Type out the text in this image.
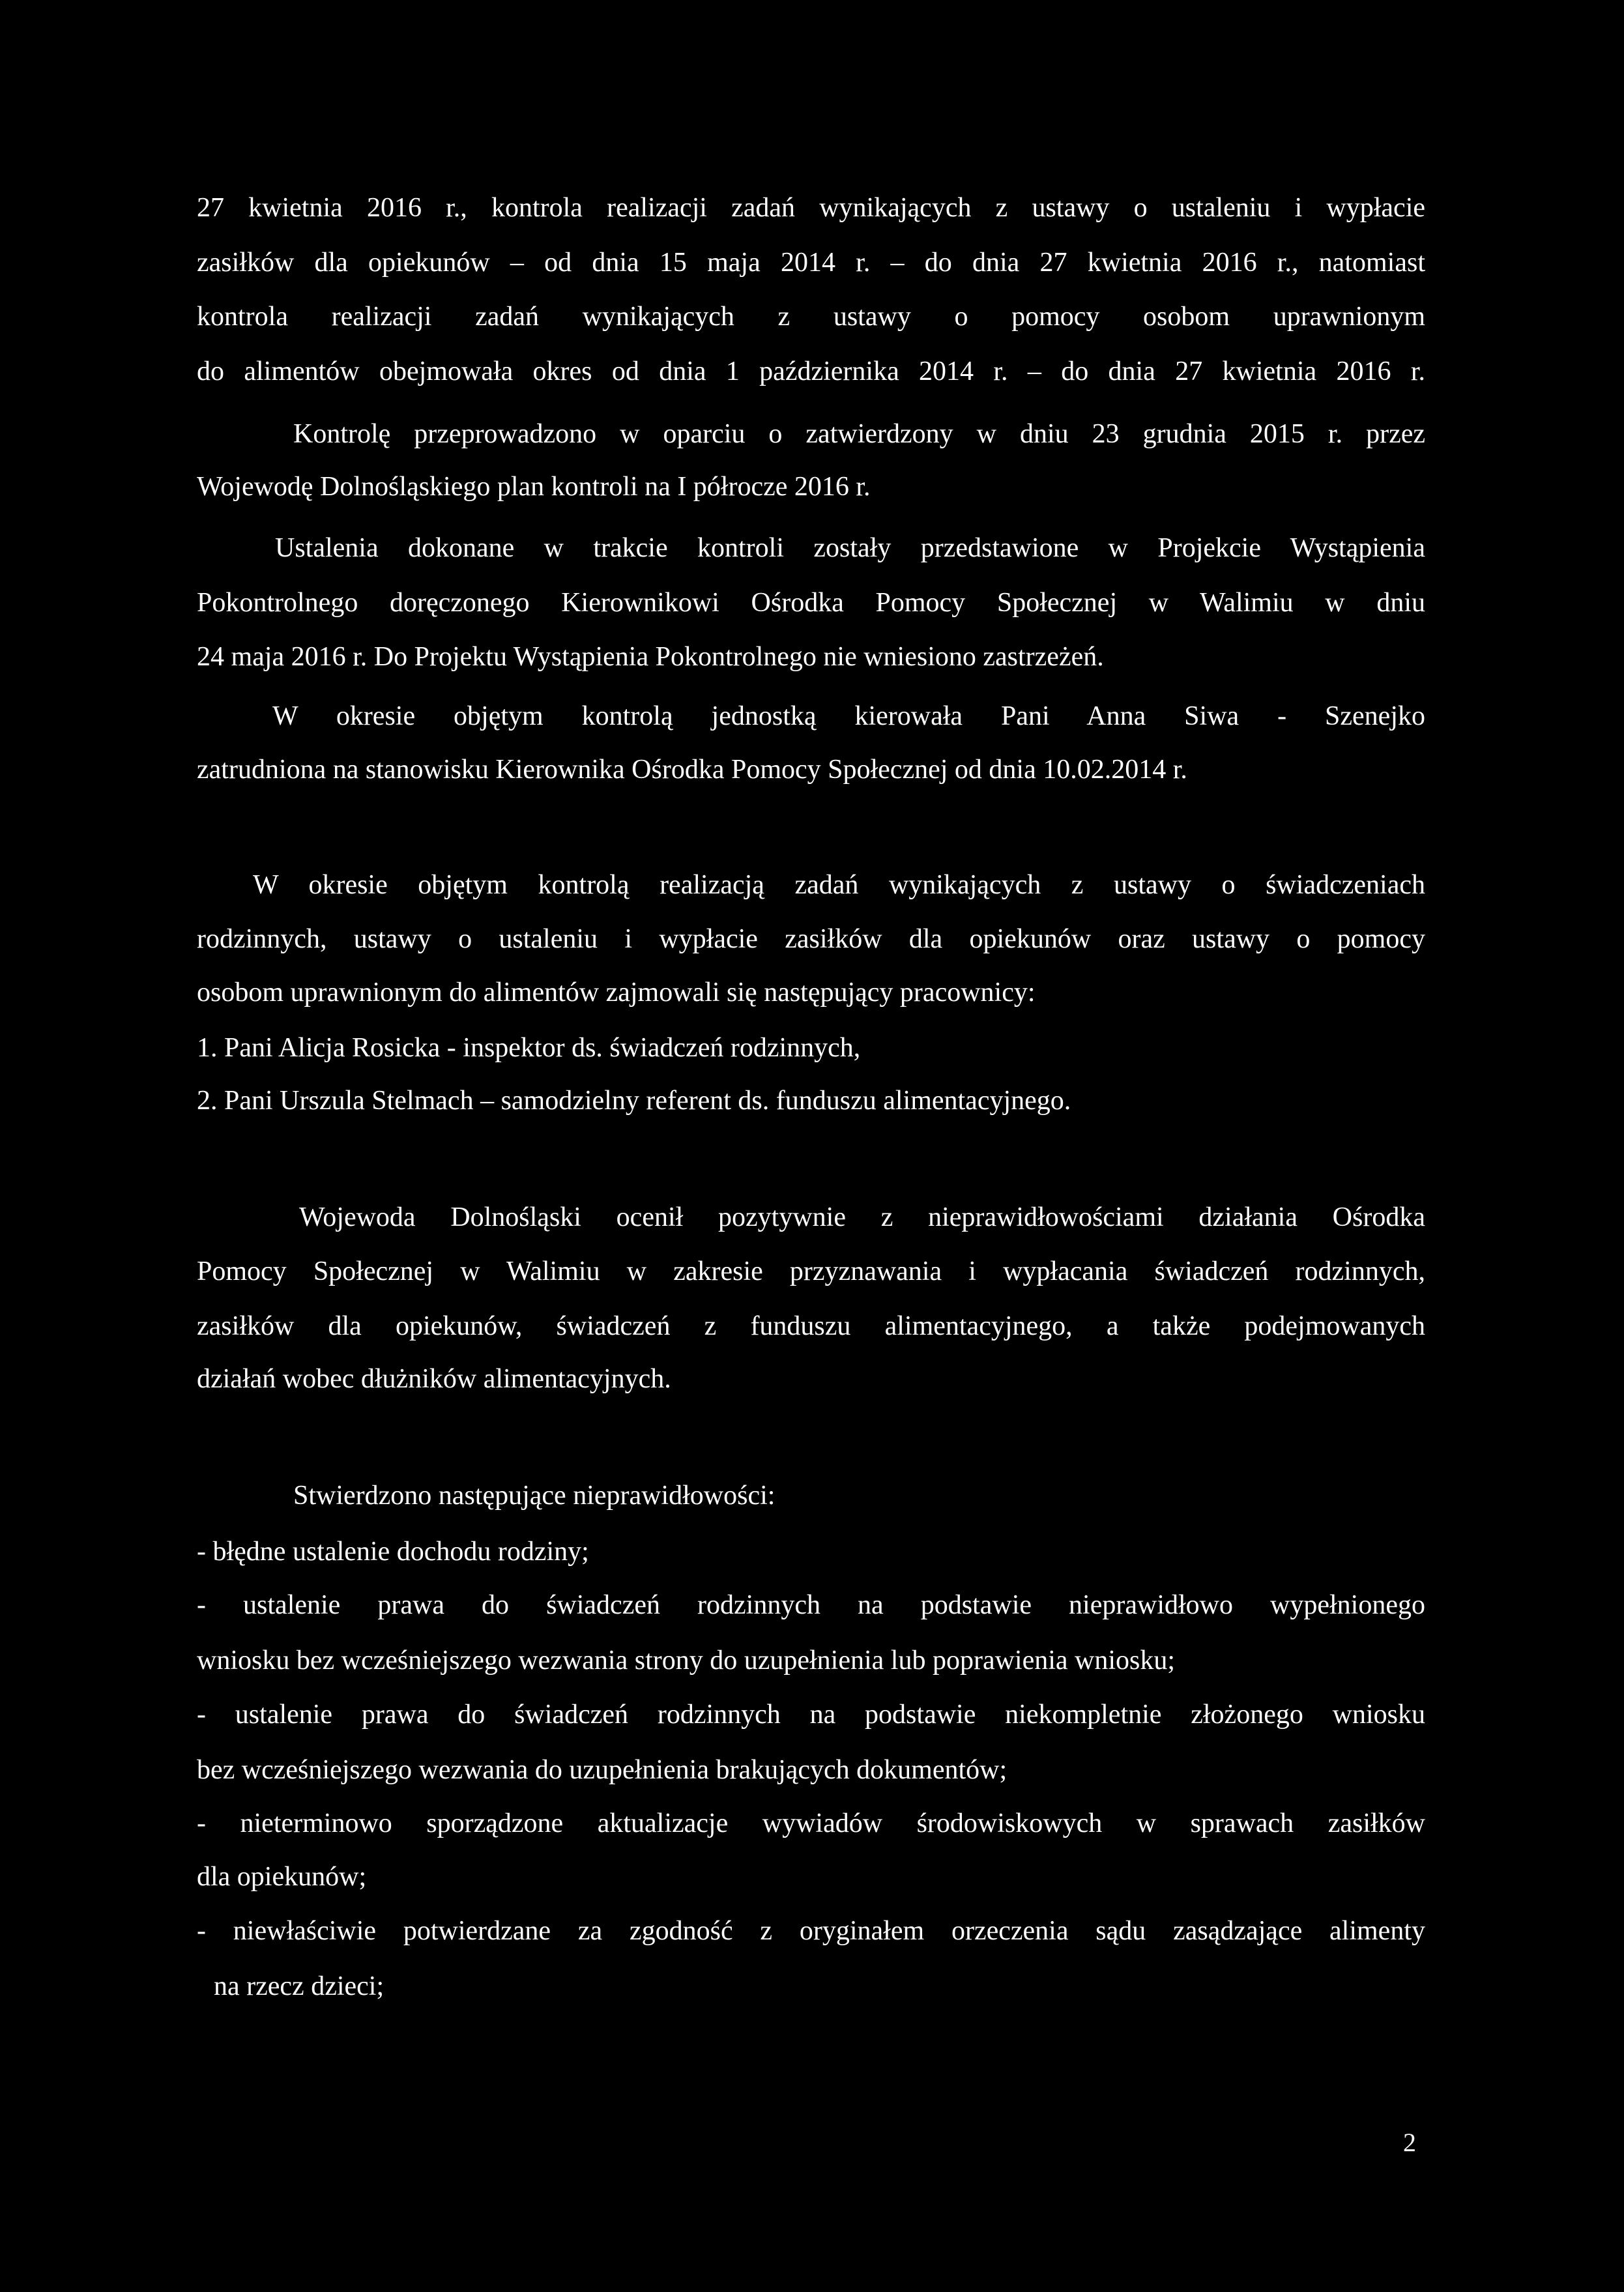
27 kwietnia 2016 r., kontrola realizacji zadań wynikających z ustawy o ustaleniu i wypłacie
zasiłków dla opiekunów – od dnia 15 maja 2014 r. – do dnia 27 kwietnia 2016 r., natomiast
kontrola realizacji zadań wynikających z ustawy o pomocy osobom uprawnionym
do alimentów obejmowała okres od dnia 1 października 2014 r. – do dnia 27 kwietnia 2016 r.
Kontrolę przeprowadzono w oparciu o zatwierdzony w dniu 23 grudnia 2015 r. przez
Wojewodę Dolnośląskiego plan kontroli na I półrocze 2016 r.
Ustalenia dokonane w trakcie kontroli zostały przedstawione w Projekcie Wystąpienia
Pokontrolnego doręczonego Kierownikowi Ośrodka Pomocy Społecznej w Walimiu w dniu
24 maja 2016 r. Do Projektu Wystąpienia Pokontrolnego nie wniesiono zastrzeżeń.
W okresie objętym kontrolą jednostką kierowała Pani Anna Siwa - Szenejko
zatrudniona na stanowisku Kierownika Ośrodka Pomocy Społecznej od dnia 10.02.2014 r.
W okresie objętym kontrolą realizacją zadań wynikających z ustawy o świadczeniach
rodzinnych, ustawy o ustaleniu i wypłacie zasiłków dla opiekunów oraz ustawy o pomocy
osobom uprawnionym do alimentów zajmowali się następujący pracownicy:
1. Pani Alicja Rosicka - inspektor ds. świadczeń rodzinnych,
2. Pani Urszula Stelmach – samodzielny referent ds. funduszu alimentacyjnego.
Wojewoda Dolnośląski ocenił pozytywnie z nieprawidłowościami działania Ośrodka
Pomocy Społecznej w Walimiu w zakresie przyznawania i wypłacania świadczeń rodzinnych,
zasiłków dla opiekunów, świadczeń z funduszu alimentacyjnego, a także podejmowanych
działań wobec dłużników alimentacyjnych.
Stwierdzono następujące nieprawidłowości:
- błędne ustalenie dochodu rodziny;
- ustalenie prawa do świadczeń rodzinnych na podstawie nieprawidłowo wypełnionego
wniosku bez wcześniejszego wezwania strony do uzupełnienia lub poprawienia wniosku;
- ustalenie prawa do świadczeń rodzinnych na podstawie niekompletnie złożonego wniosku
bez wcześniejszego wezwania do uzupełnienia brakujących dokumentów;
- nieterminowo sporządzone aktualizacje wywiadów środowiskowych w sprawach zasiłków
dla opiekunów;
- niewłaściwie potwierdzane za zgodność z oryginałem orzeczenia sądu zasądzające alimenty
na rzecz dzieci;
2
